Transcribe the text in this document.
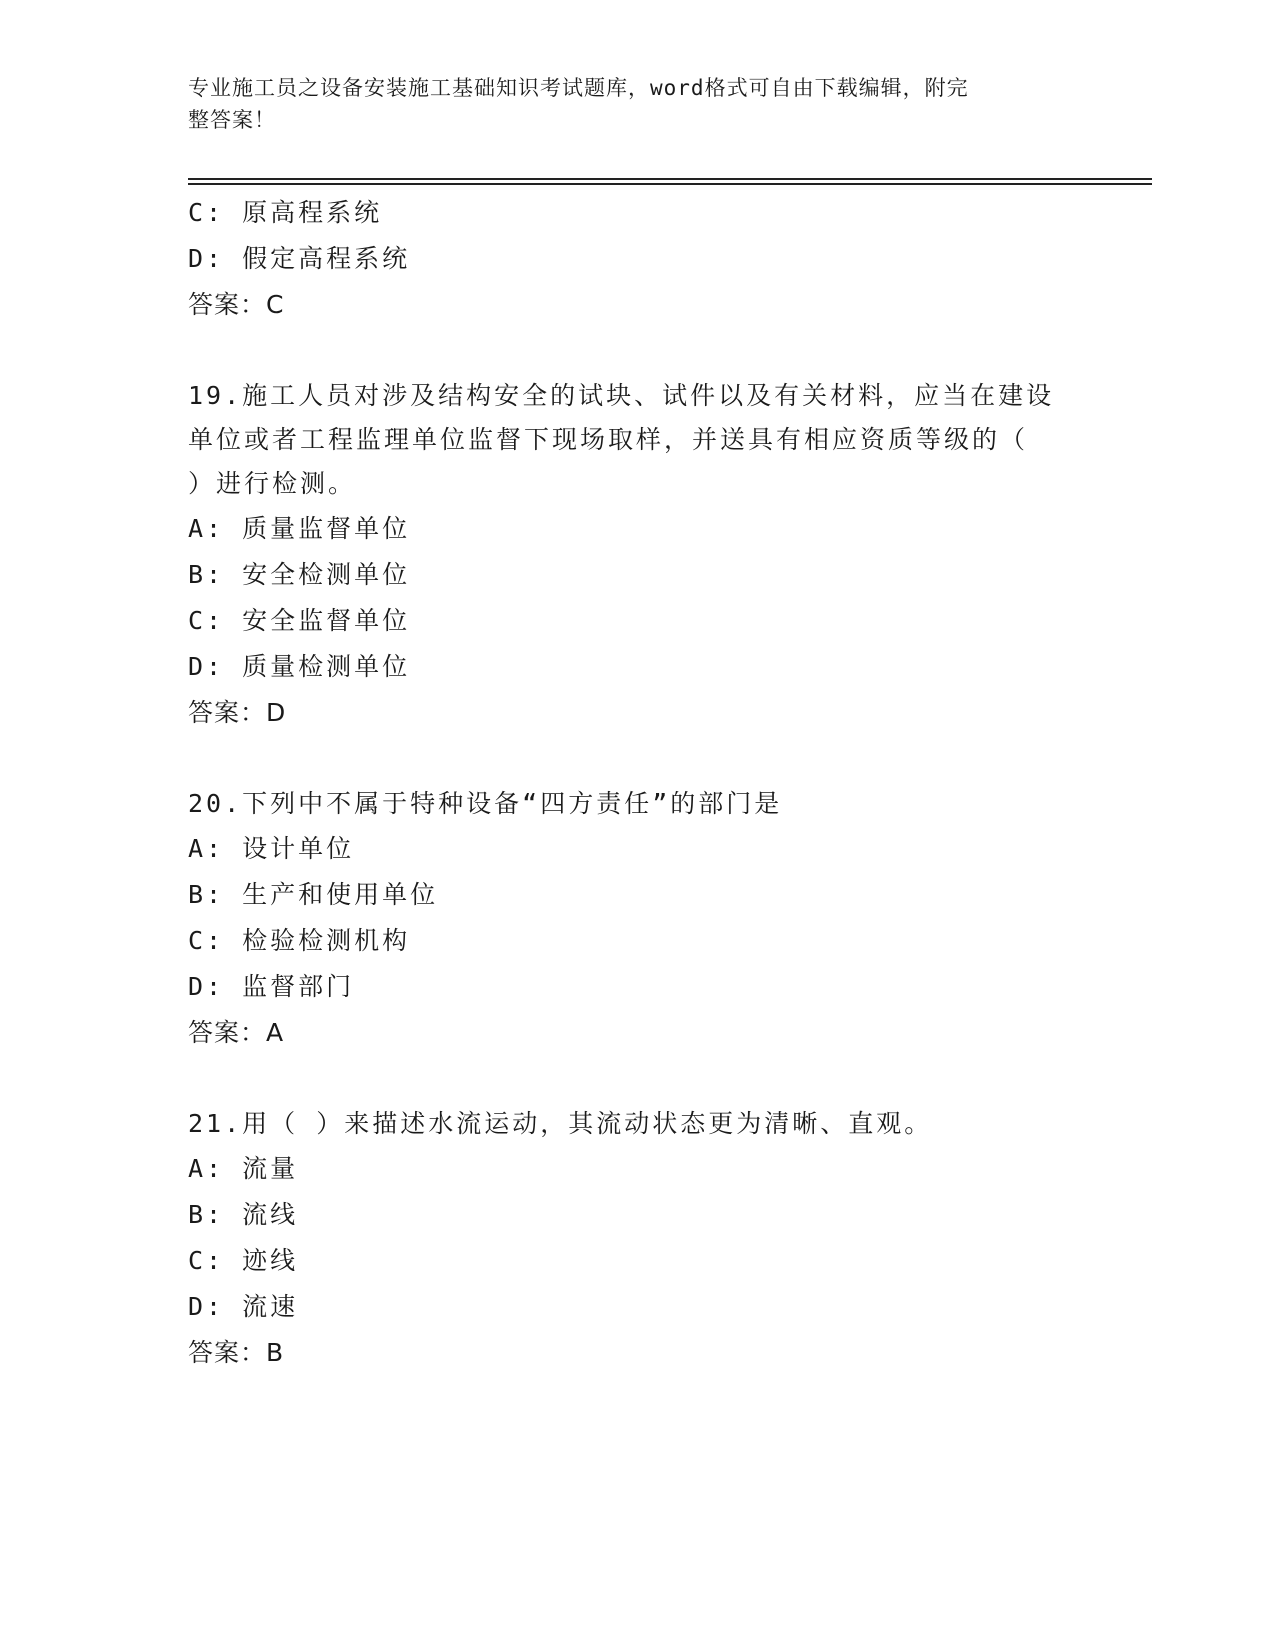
专业施工员之设备安装施工基础知识考试题库，word格式可自由下载编辑，附完
整答案！
C: 原高程系统
D: 假定高程系统
答案：C
19.施工人员对涉及结构安全的试块、试件以及有关材料，应当在建设
单位或者工程监理单位监督下现场取样，并送具有相应资质等级的（
）进行检测。
A: 质量监督单位
B: 安全检测单位
C: 安全监督单位
D: 质量检测单位
答案：D
20.下列中不属于特种设备“四方责任”的部门是
A: 设计单位
B: 生产和使用单位
C: 检验检测机构
D: 监督部门
答案：A
21.用（ ）来描述水流运动，其流动状态更为清晰、直观。
A: 流量
B: 流线
C: 迹线
D: 流速
答案：B
